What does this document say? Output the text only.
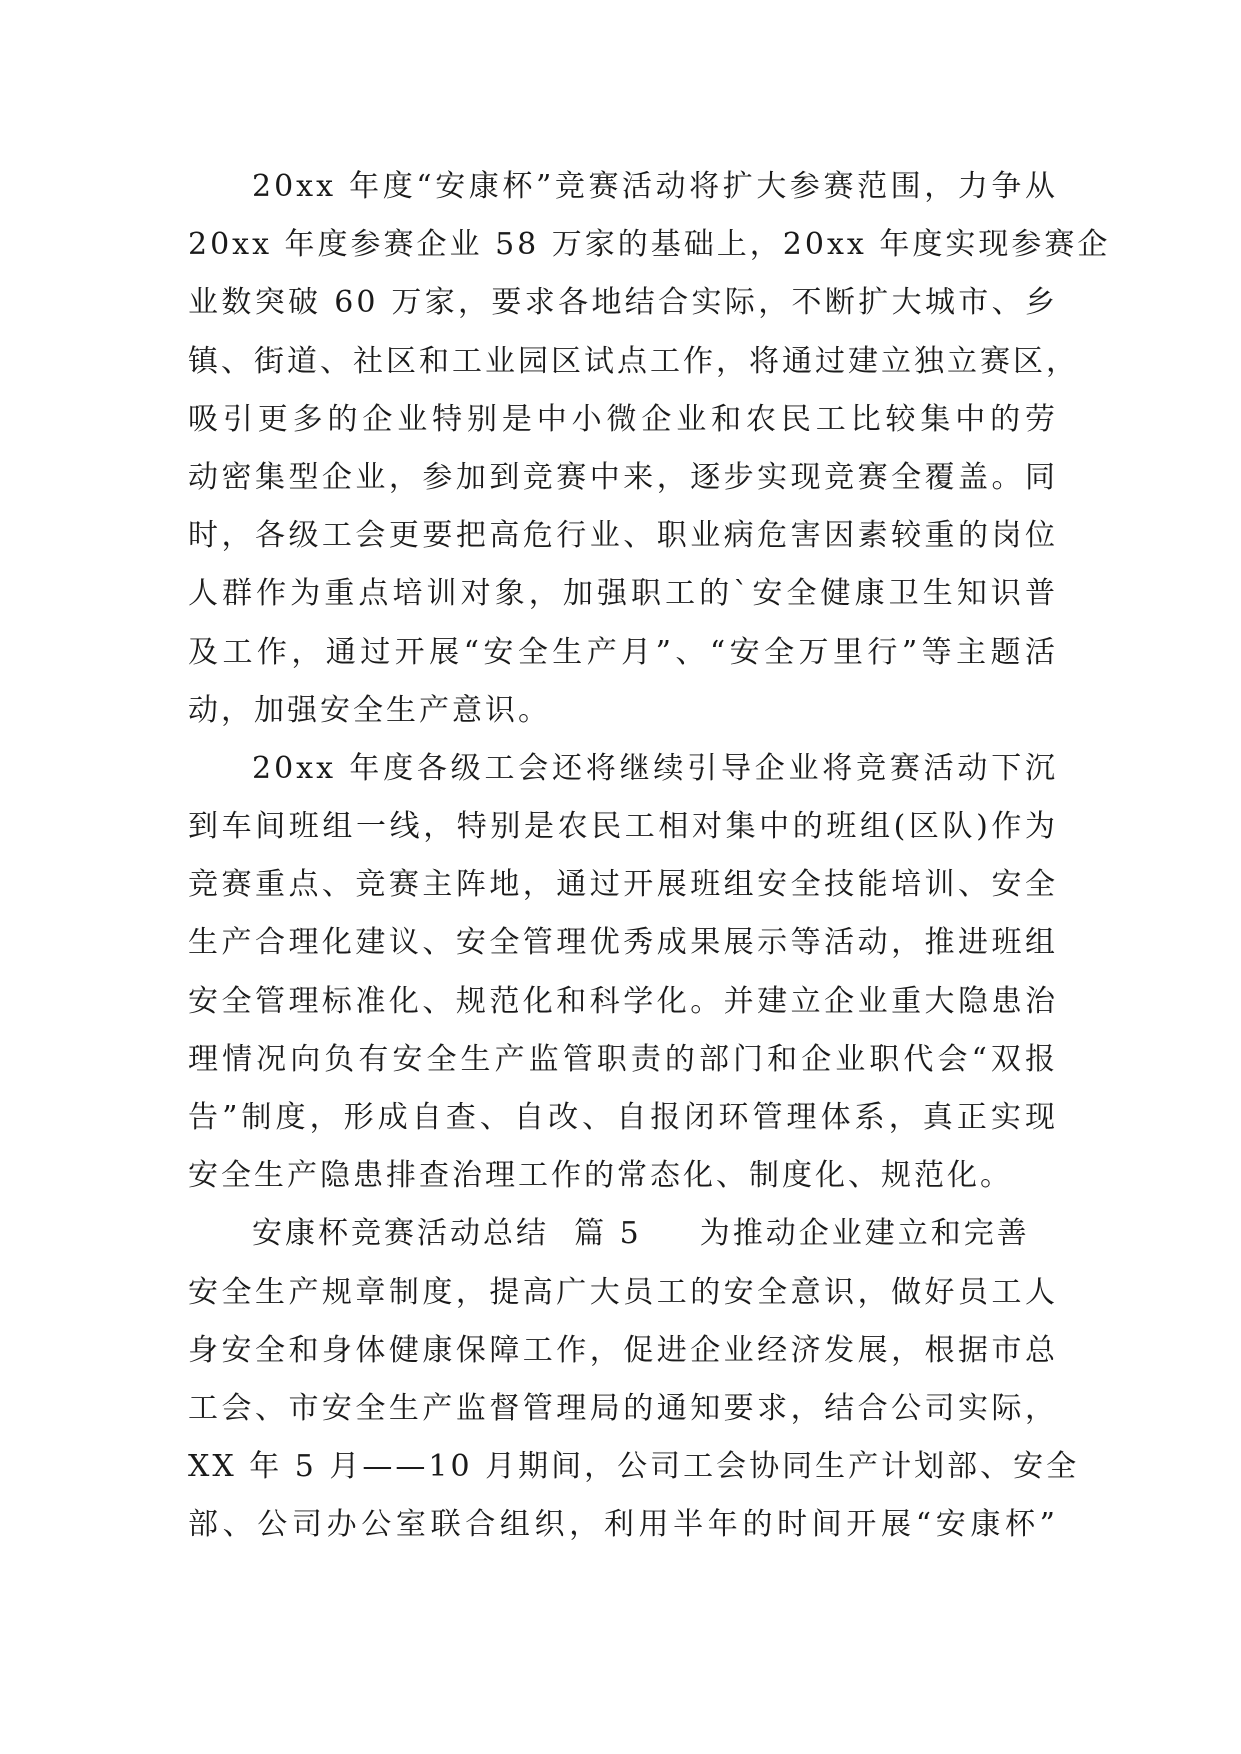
20xx 年度“安康杯”竞赛活动将扩大参赛范围，力争从
20xx 年度参赛企业 58 万家的基础上，20xx 年度实现参赛企
业数突破 60 万家，要求各地结合实际，不断扩大城市、乡
镇、街道、社区和工业园区试点工作，将通过建立独立赛区，
吸引更多的企业特别是中小微企业和农民工比较集中的劳
动密集型企业，参加到竞赛中来，逐步实现竞赛全覆盖。同
时，各级工会更要把高危行业、职业病危害因素较重的岗位
人群作为重点培训对象，加强职工的`安全健康卫生知识普
及工作，通过开展“安全生产月”、“安全万里行”等主题活
动，加强安全生产意识。
20xx 年度各级工会还将继续引导企业将竞赛活动下沉
到车间班组一线，特别是农民工相对集中的班组(区队)作为
竞赛重点、竞赛主阵地，通过开展班组安全技能培训、安全
生产合理化建议、安全管理优秀成果展示等活动，推进班组
安全管理标准化、规范化和科学化。并建立企业重大隐患治
理情况向负有安全生产监管职责的部门和企业职代会“双报
告”制度，形成自查、自改、自报闭环管理体系，真正实现
安全生产隐患排查治理工作的常态化、制度化、规范化。
安康杯竞赛活动总结  篇 5 为推动企业建立和完善
安全生产规章制度，提高广大员工的安全意识，做好员工人
身安全和身体健康保障工作，促进企业经济发展，根据市总
工会、市安全生产监督管理局的通知要求，结合公司实际，
XX 年 5 月——10 月期间，公司工会协同生产计划部、安全
部、公司办公室联合组织，利用半年的时间开展“安康杯”
